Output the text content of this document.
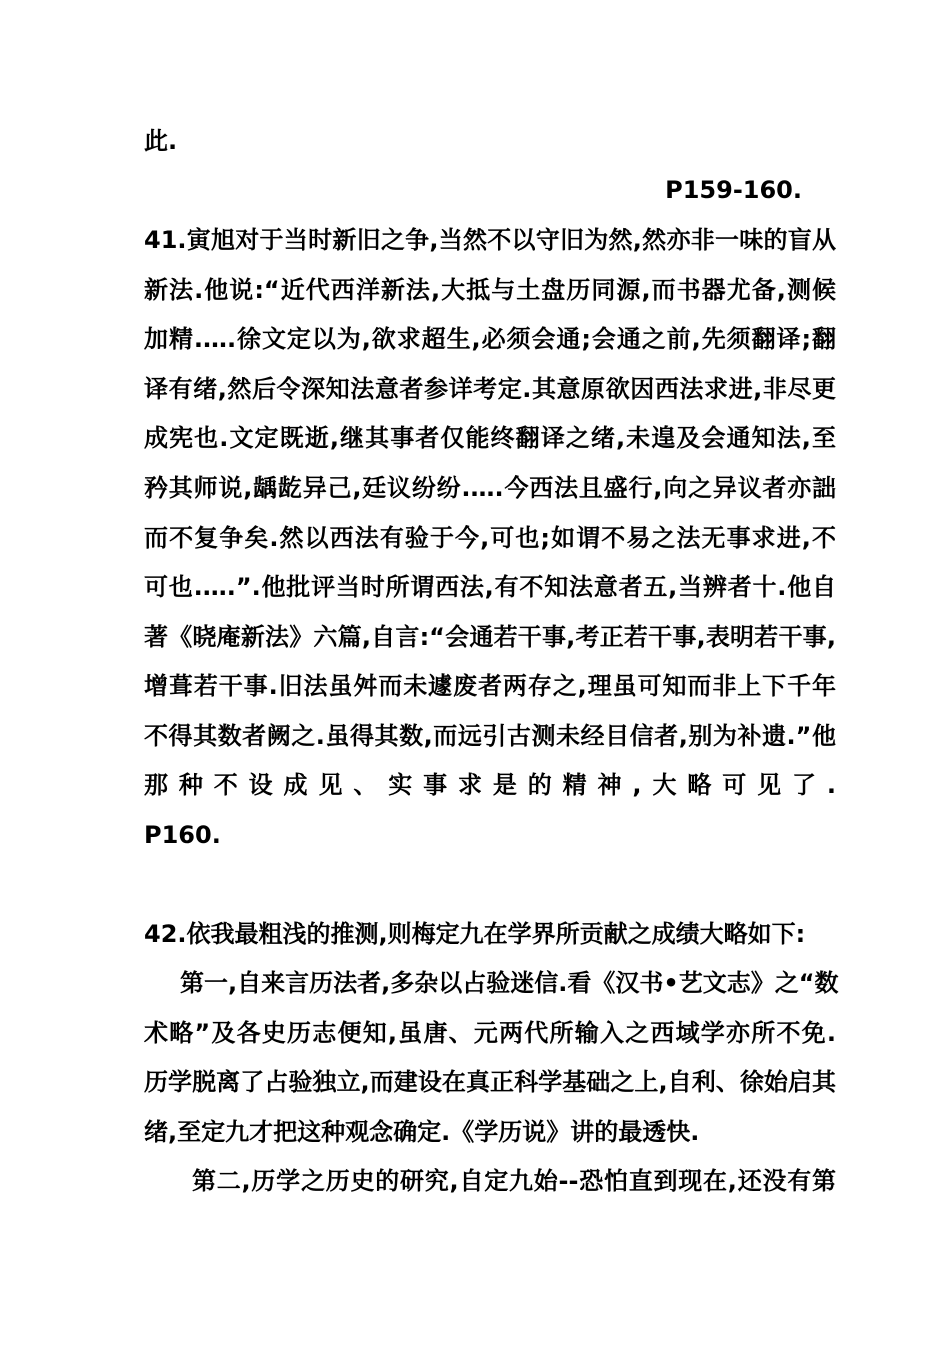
此.

P159-160.

41.寅旭对于当时新旧之争,当然不以守旧为然,然亦非一味的盲从

新法.他说:“近代西洋新法,大抵与土盘历同源,而书器尤备,测候

加精.….徐文定以为,欲求超生,必须会通;会通之前,先须翻译;翻

译有绪,然后令深知法意者参详考定.其意原欲因西法求进,非尽更

成宪也.文定既逝,继其事者仅能终翻译之绪,未遑及会通知法,至

矜其师说,龋龁异己,廷议纷纷.….今西法且盛行,向之异议者亦詘

而不复争矣.然以西法有验于今,可也;如谓不易之法无事求进,不

可也.….”.他批评当时所谓西法,有不知法意者五,当辨者十.他自

著《晓庵新法》六篇,自言:“会通若干事,考正若干事,表明若干事,

增葺若干事.旧法虽舛而未遽废者两存之,理虽可知而非上下千年

不得其数者阙之.虽得其数,而远引古测未经目信者,别为补遗.”他

那种不设成见、实事求是的精神,大略可见了.

P160.

42.依我最粗浅的推测,则梅定九在学界所贡献之成绩大略如下:

第一,自来言历法者,多杂以占验迷信.看《汉书•艺文志》之“数

术略”及各史历志便知,虽唐、元两代所输入之西域学亦所不免.

历学脱离了占验独立,而建设在真正科学基础之上,自利、徐始启其

绪,至定九才把这种观念确定.《学历说》讲的最透快.

第二,历学之历史的研究,自定九始--恐怕直到现在,还没有第
